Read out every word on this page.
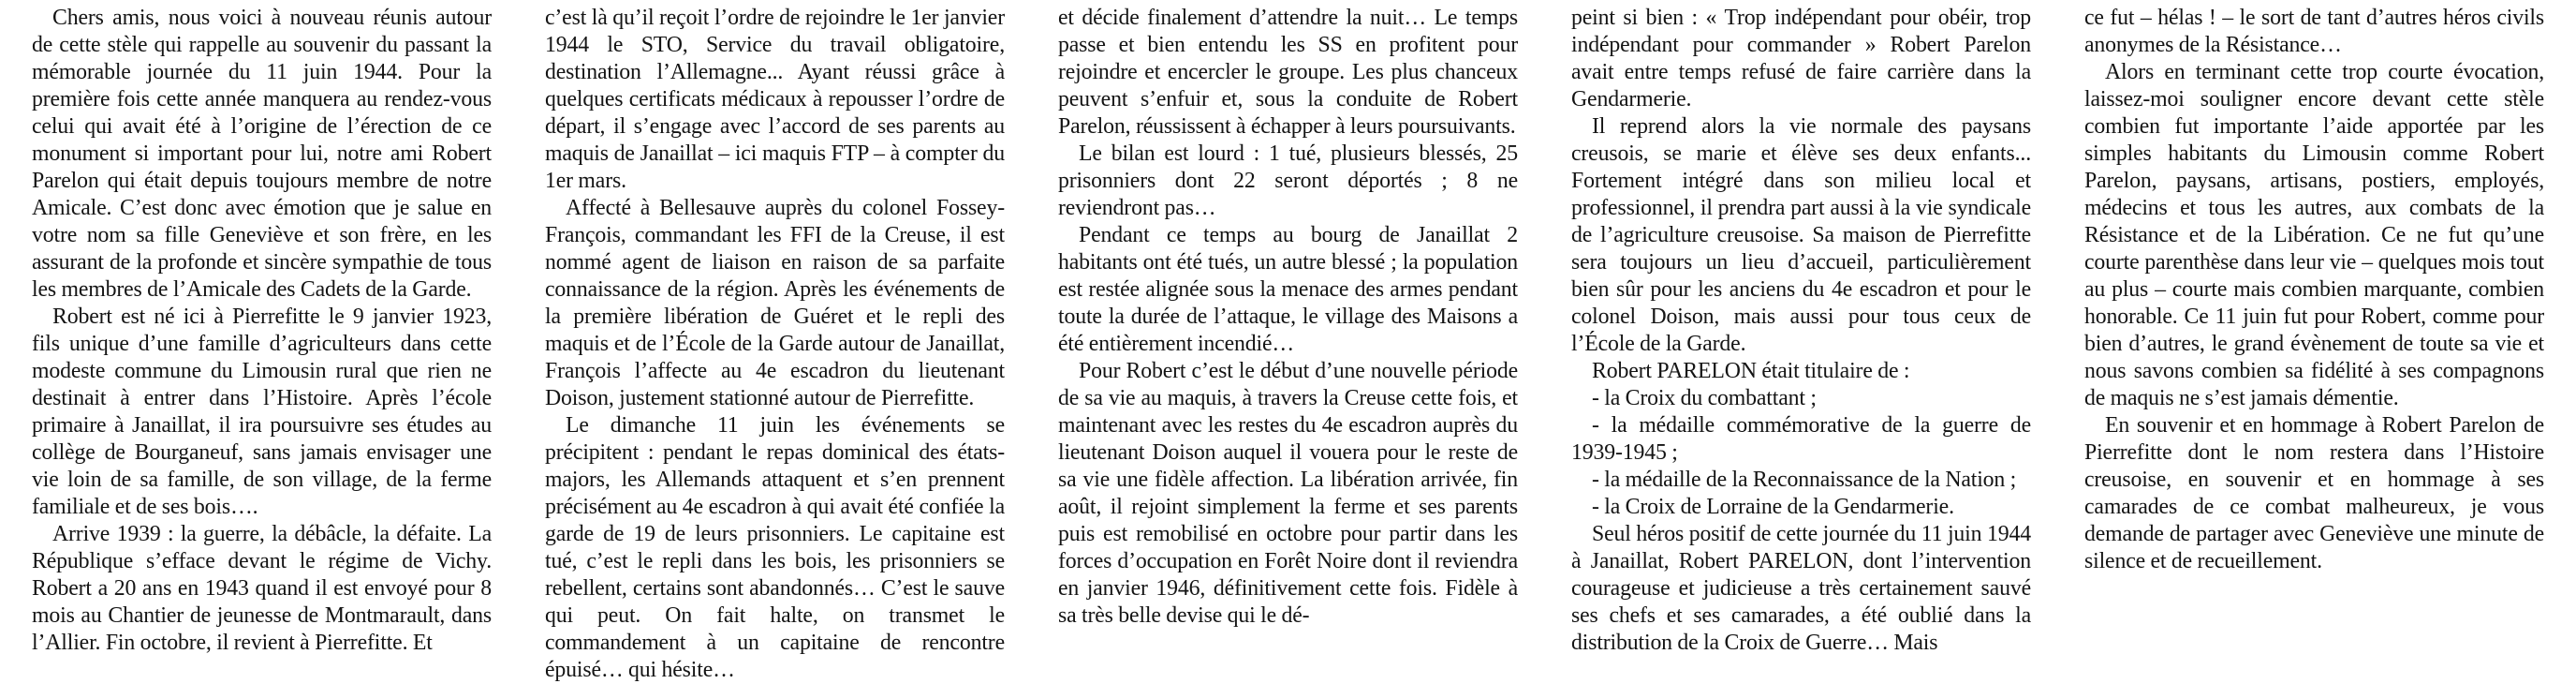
Chers amis, nous voici à nouveau réunis autour de cette stèle qui rappelle au souvenir du passant la mémorable journée du 11 juin 1944. Pour la première fois cette année manquera au rendez-vous celui qui avait été à l’origine de l’érection de ce monument si important pour lui, notre ami Robert Parelon qui était depuis toujours membre de notre Amicale. C’est donc avec émotion que je salue en votre nom sa fille Geneviève et son frère, en les assurant de la profonde et sincère sympathie de tous les membres de l’Amicale des Cadets de la Garde.

Robert est né ici à Pierrefitte le 9 janvier 1923, fils unique d’une famille d’agriculteurs dans cette modeste commune du Limousin rural que rien ne destinait à entrer dans l’Histoire. Après l’école primaire à Janaillat, il ira poursuivre ses études au collège de Bourganeuf, sans jamais envisager une vie loin de sa famille, de son village, de la ferme familiale et de ses bois….

Arrive 1939 : la guerre, la débâcle, la défaite. La République s’efface devant le régime de Vichy. Robert a 20 ans en 1943 quand il est envoyé pour 8 mois au Chantier de jeunesse de Montmarault, dans l’Allier. Fin octobre, il revient à Pierrefitte. Et

c’est là qu’il reçoit l’ordre de rejoindre le 1er janvier 1944 le STO, Service du travail obligatoire, destination l’Allemagne... Ayant réussi grâce à quelques certificats médicaux à repousser l’ordre de départ, il s’engage avec l’accord de ses parents au maquis de Janaillat – ici maquis FTP – à compter du 1er mars.

Affecté à Bellesauve auprès du colonel Fossey-François, commandant les FFI de la Creuse, il est nommé agent de liaison en raison de sa parfaite connaissance de la région. Après les événements de la première libération de Guéret et le repli des maquis et de l’École de la Garde autour de Janaillat, François l’affecte au 4e escadron du lieutenant Doison, justement stationné autour de Pierrefitte.

Le dimanche 11 juin les événements se précipitent : pendant le repas dominical des états-majors, les Allemands attaquent et s’en prennent précisément au 4e escadron à qui avait été confiée la garde de 19 de leurs prisonniers. Le capitaine est tué, c’est le repli dans les bois, les prisonniers se rebellent, certains sont abandonnés… C’est le sauve qui peut. On fait halte, on transmet le commandement à un capitaine de rencontre épuisé… qui hésite…

et décide finalement d’attendre la nuit… Le temps passe et bien entendu les SS en profitent pour rejoindre et encercler le groupe. Les plus chanceux peuvent s’enfuir et, sous la conduite de Robert Parelon, réussissent à échapper à leurs poursuivants.

Le bilan est lourd : 1 tué, plusieurs blessés, 25 prisonniers dont 22 seront déportés ; 8 ne reviendront pas…

Pendant ce temps au bourg de Janaillat 2 habitants ont été tués, un autre blessé ; la population est restée alignée sous la menace des armes pendant toute la durée de l’attaque, le village des Maisons a été entièrement incendié…

Pour Robert c’est le début d’une nouvelle période de sa vie au maquis, à travers la Creuse cette fois, et maintenant avec les restes du 4e escadron auprès du lieutenant Doison auquel il vouera pour le reste de sa vie une fidèle affection. La libération arrivée, fin août, il rejoint simplement la ferme et ses parents puis est remobilisé en octobre pour partir dans les forces d’occupation en Forêt Noire dont il reviendra en janvier 1946, définitivement cette fois. Fidèle à sa très belle devise qui le dé-

peint si bien : « Trop indépendant pour obéir, trop indépendant pour commander » Robert Parelon avait entre temps refusé de faire carrière dans la Gendarmerie.

Il reprend alors la vie normale des paysans creusois, se marie et élève ses deux enfants... Fortement intégré dans son milieu local et professionnel, il prendra part aussi à la vie syndicale de l’agriculture creusoise. Sa maison de Pierrefitte sera toujours un lieu d’accueil, particulièrement bien sûr pour les anciens du 4e escadron et pour le colonel Doison, mais aussi pour tous ceux de l’École de la Garde.

Robert PARELON était titulaire de :

- la Croix du combattant ;

- la médaille commémorative de la guerre de 1939-1945 ;

- la médaille de la Reconnaissance de la Nation ;

- la Croix de Lorraine de la Gendarmerie.

Seul héros positif de cette journée du 11 juin 1944 à Janaillat, Robert PARELON, dont l’intervention courageuse et judicieuse a très certainement sauvé ses chefs et ses camarades, a été oublié dans la distribution de la Croix de Guerre… Mais

ce fut – hélas ! – le sort de tant d’autres héros civils anonymes de la Résistance…

Alors en terminant cette trop courte évocation, laissez-moi souligner encore devant cette stèle combien fut importante l’aide apportée par les simples habitants du Limousin comme Robert Parelon, paysans, artisans, postiers, employés, médecins et tous les autres, aux combats de la Résistance et de la Libération. Ce ne fut qu’une courte parenthèse dans leur vie – quelques mois tout au plus – courte mais combien marquante, combien honorable. Ce 11 juin fut pour Robert, comme pour bien d’autres, le grand évènement de toute sa vie et nous savons combien sa fidélité à ses compagnons de maquis ne s’est jamais démentie.

En souvenir et en hommage à Robert Parelon de Pierrefitte dont le nom restera dans l’Histoire creusoise, en souvenir et en hommage à ses camarades de ce combat malheureux, je vous demande de partager avec Geneviève une minute de silence et de recueillement.
